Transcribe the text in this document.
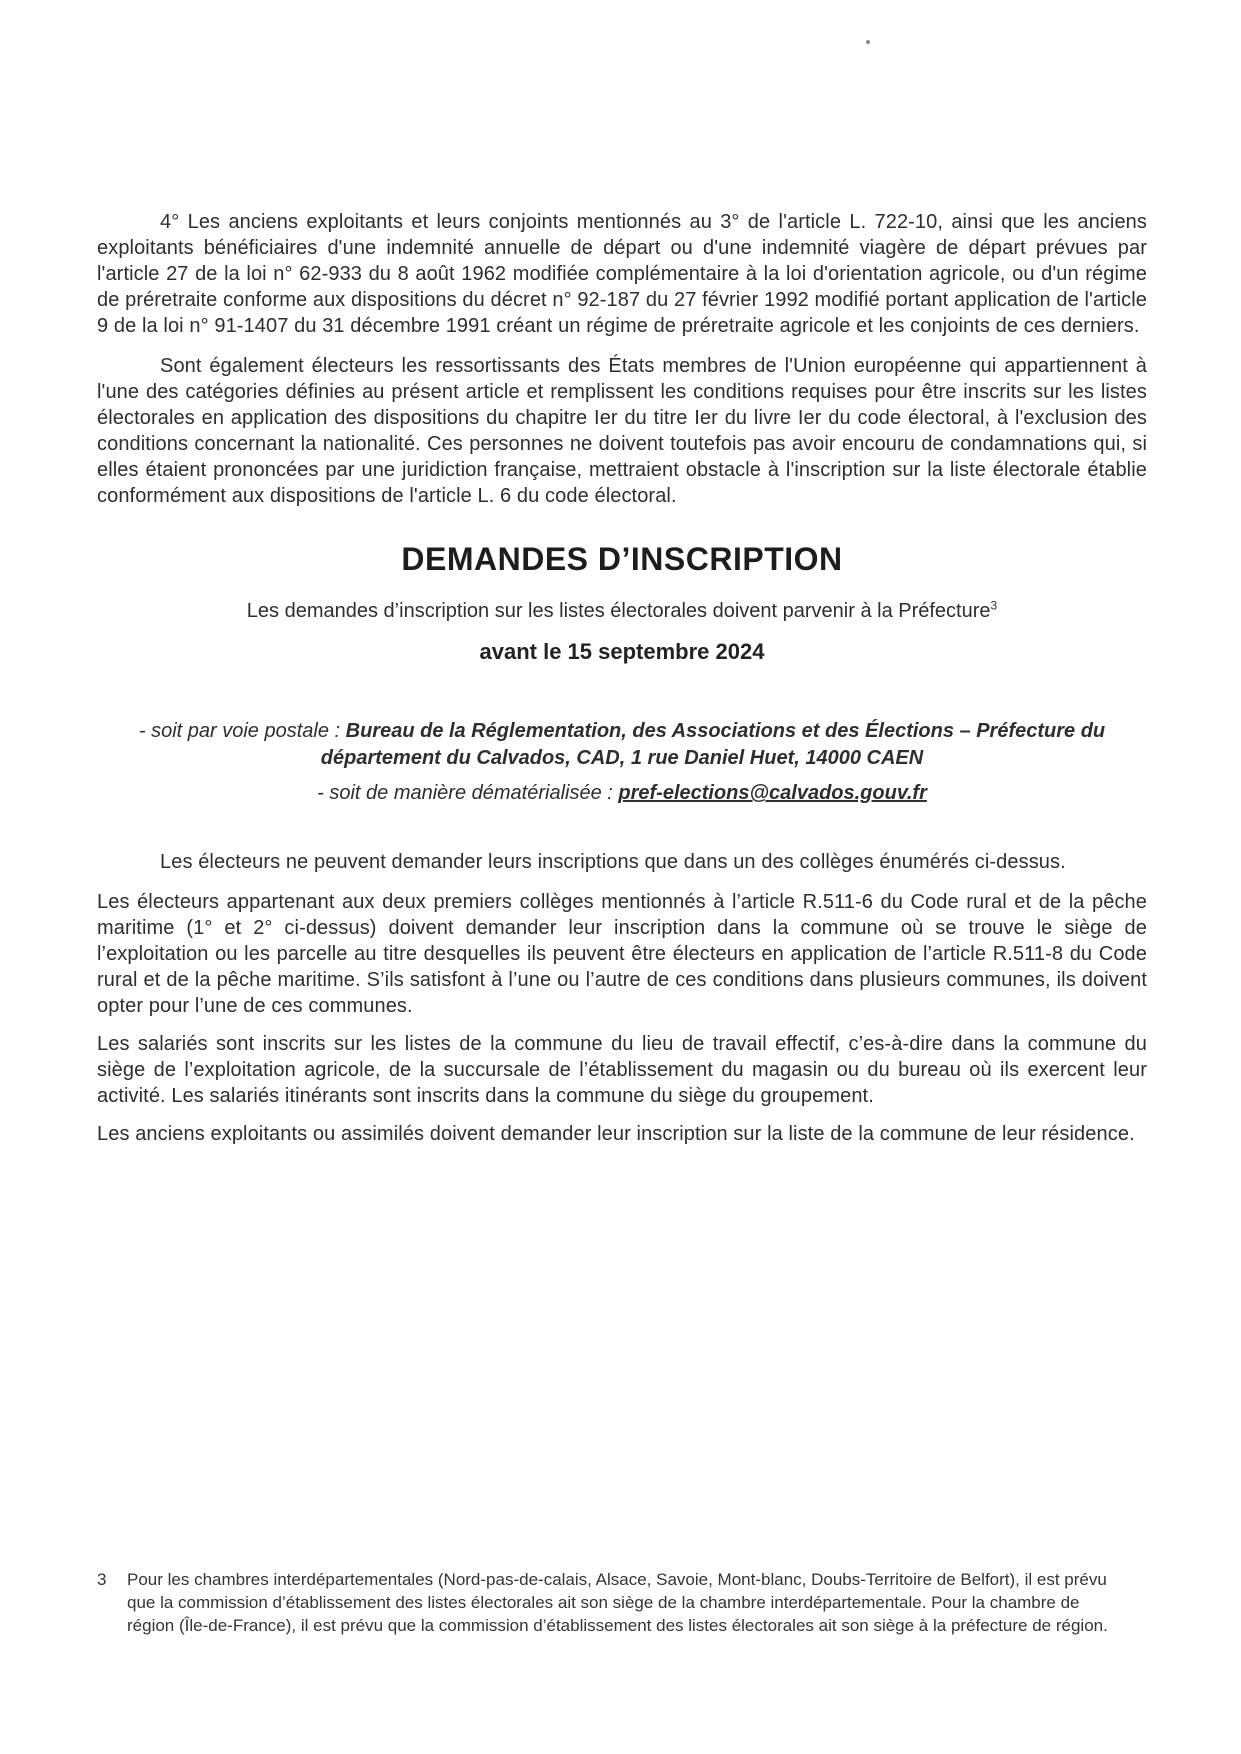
4° Les anciens exploitants et leurs conjoints mentionnés au 3° de l'article L. 722-10, ainsi que les anciens exploitants bénéficiaires d'une indemnité annuelle de départ ou d'une indemnité viagère de départ prévues par l'article 27 de la loi n° 62-933 du 8 août 1962 modifiée complémentaire à la loi d'orientation agricole, ou d'un régime de préretraite conforme aux dispositions du décret n° 92-187 du 27 février 1992 modifié portant application de l'article 9 de la loi n° 91-1407 du 31 décembre 1991 créant un régime de préretraite agricole et les conjoints de ces derniers.

Sont également électeurs les ressortissants des États membres de l'Union européenne qui appartiennent à l'une des catégories définies au présent article et remplissent les conditions requises pour être inscrits sur les listes électorales en application des dispositions du chapitre Ier du titre Ier du livre Ier du code électoral, à l'exclusion des conditions concernant la nationalité. Ces personnes ne doivent toutefois pas avoir encouru de condamnations qui, si elles étaient prononcées par une juridiction française, mettraient obstacle à l'inscription sur la liste électorale établie conformément aux dispositions de l'article L. 6 du code électoral.

DEMANDES D’INSCRIPTION

Les demandes d’inscription sur les listes électorales doivent parvenir à la Préfecture$^3$

avant le 15 septembre 2024

- soit par voie postale : Bureau de la Réglementation, des Associations et des Élections – Préfecture du département du Calvados, CAD, 1 rue Daniel Huet, 14000 CAEN

- soit de manière dématérialisée : pref-elections@calvados.gouv.fr

Les électeurs ne peuvent demander leurs inscriptions que dans un des collèges énumérés ci-dessus.

Les électeurs appartenant aux deux premiers collèges mentionnés à l’article R.511-6 du Code rural et de la pêche maritime (1° et 2° ci-dessus) doivent demander leur inscription dans la commune où se trouve le siège de l’exploitation ou les parcelle au titre desquelles ils peuvent être électeurs en application de l’article R.511-8 du Code rural et de la pêche maritime. S’ils satisfont à l’une ou l’autre de ces conditions dans plusieurs communes, ils doivent opter pour l’une de ces communes.

Les salariés sont inscrits sur les listes de la commune du lieu de travail effectif, c’es-à-dire dans la commune du siège de l’exploitation agricole, de la succursale de l’établissement du magasin ou du bureau où ils exercent leur activité. Les salariés itinérants sont inscrits dans la commune du siège du groupement.

Les anciens exploitants ou assimilés doivent demander leur inscription sur la liste de la commune de leur résidence.

3	Pour les chambres interdépartementales (Nord-pas-de-calais, Alsace, Savoie, Mont-blanc, Doubs-Territoire de Belfort), il est prévu que la commission d’établissement des listes électorales ait son siège de la chambre interdépartementale. Pour la chambre de région (Île-de-France), il est prévu que la commission d’établissement des listes électorales ait son siège à la préfecture de région.
